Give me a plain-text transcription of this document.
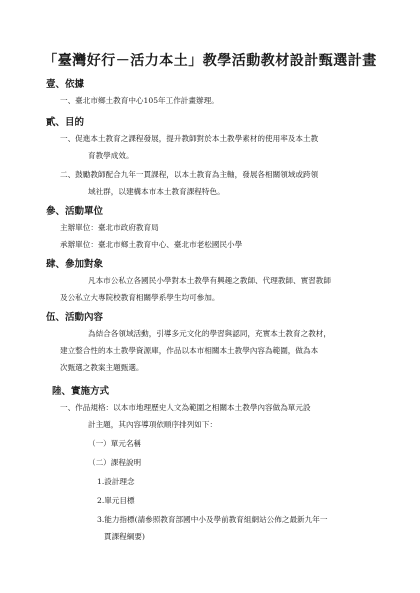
「臺灣好行－活力本土」教學活動教材設計甄選計畫
壹、依據
一、臺北市鄉土教育中心105年工作計畫辦理。
貳、目的
一、促進本土教育之課程發展，提升教師對於本土教學素材的使用率及本土教
育教學成效。
二、鼓勵教師配合九年一貫課程，以本土教育為主軸，發展各相關領域或跨領
域社群，以建構本市本土教育課程特色。
參、活動單位
主辦單位：臺北市政府教育局
承辦單位：臺北市鄉土教育中心、臺北市老松國民小學
肆、參加對象
凡本市公私立各國民小學對本土教學有興趣之教師、代理教師、實習教師
及公私立大專院校教育相關學系學生均可參加。
伍、活動內容
為結合各領域活動，引導多元文化的學習與認同，充實本土教育之教材，
建立整合性的本土教學資源庫，作品以本市相關本土教學內容為範圍，做為本
次甄選之教案主題甄選。
陸、實施方式
一、作品規格：以本市地理歷史人文為範圍之相關本土教學內容做為單元設
計主題，其內容導項依順序排列如下：
（一）單元名稱
（二）課程說明
1.設計理念
2.單元目標
3.能力指標(請參照教育部國中小及學前教育組網站公佈之最新九年一
貫課程綱要)
